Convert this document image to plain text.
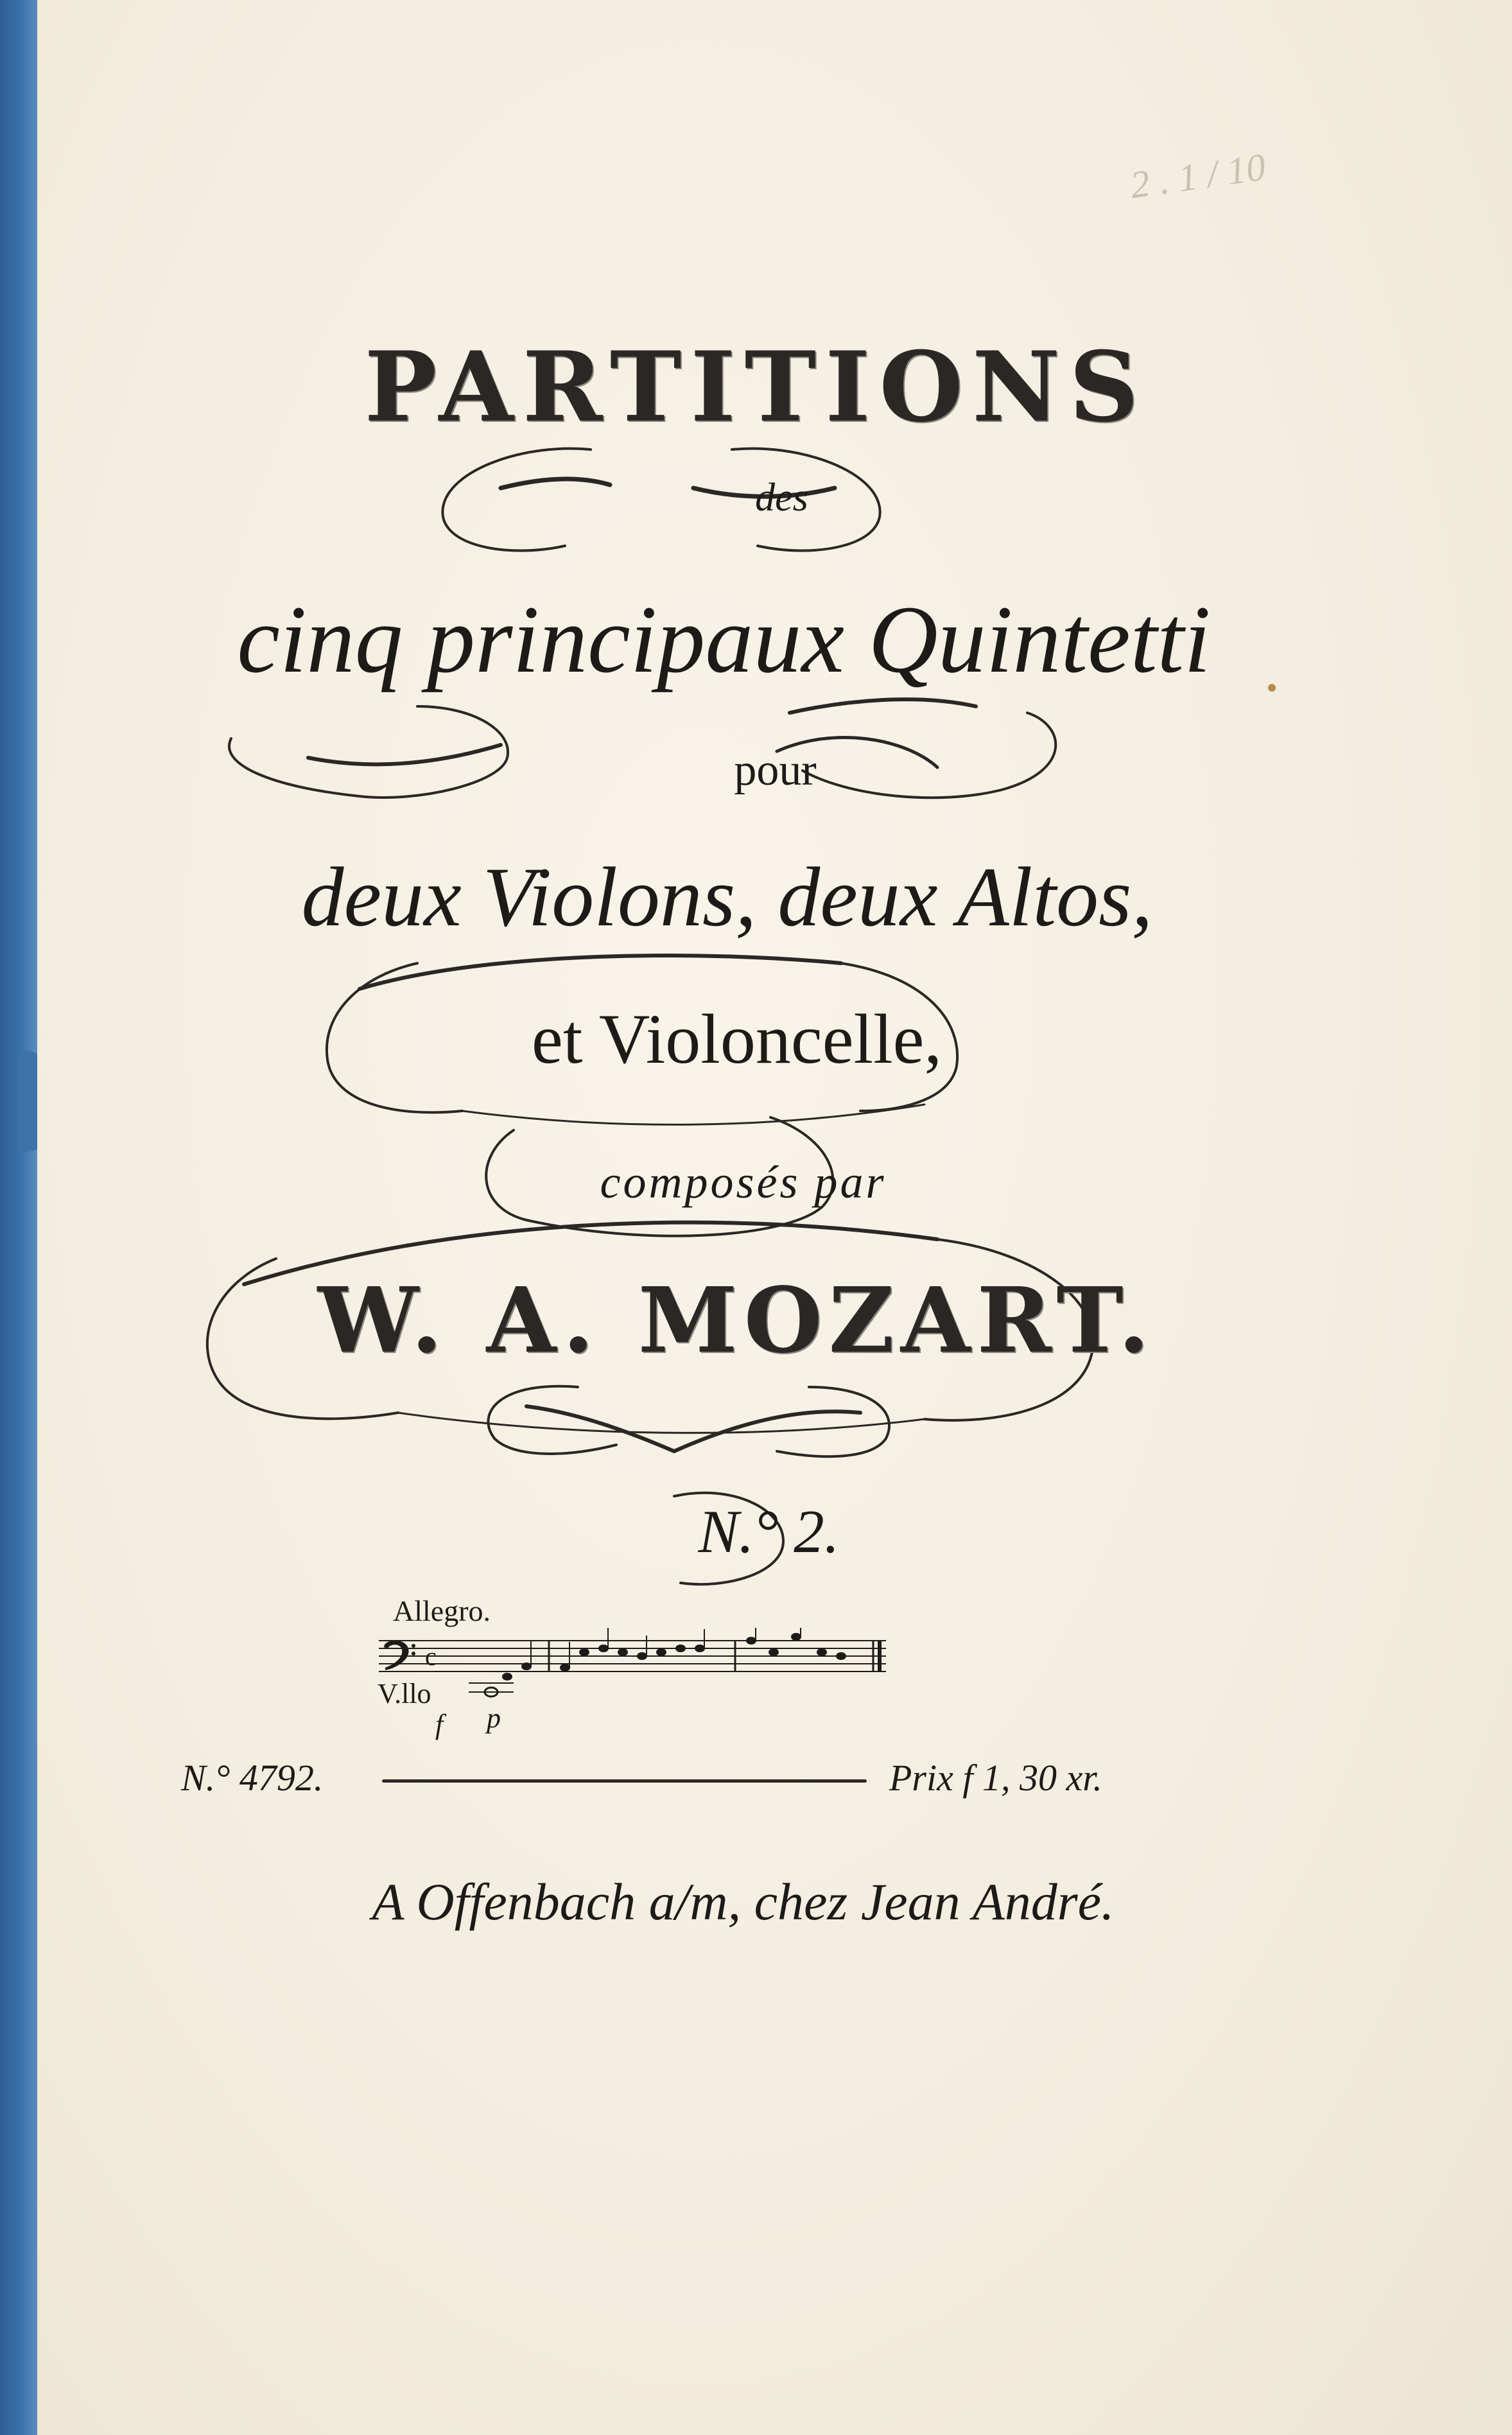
2 . 1 / 10
PARTITIONS
des
cinq principaux Quintetti
pour
deux Violons, deux Altos,
et Violoncelle,
composés par
W. A. MOZART.
N.° 2.
Allegro.
c
V.llo
f p
N.° 4792.	Prix f 1, 30 xr.
A Offenbach a/m, chez Jean André.
